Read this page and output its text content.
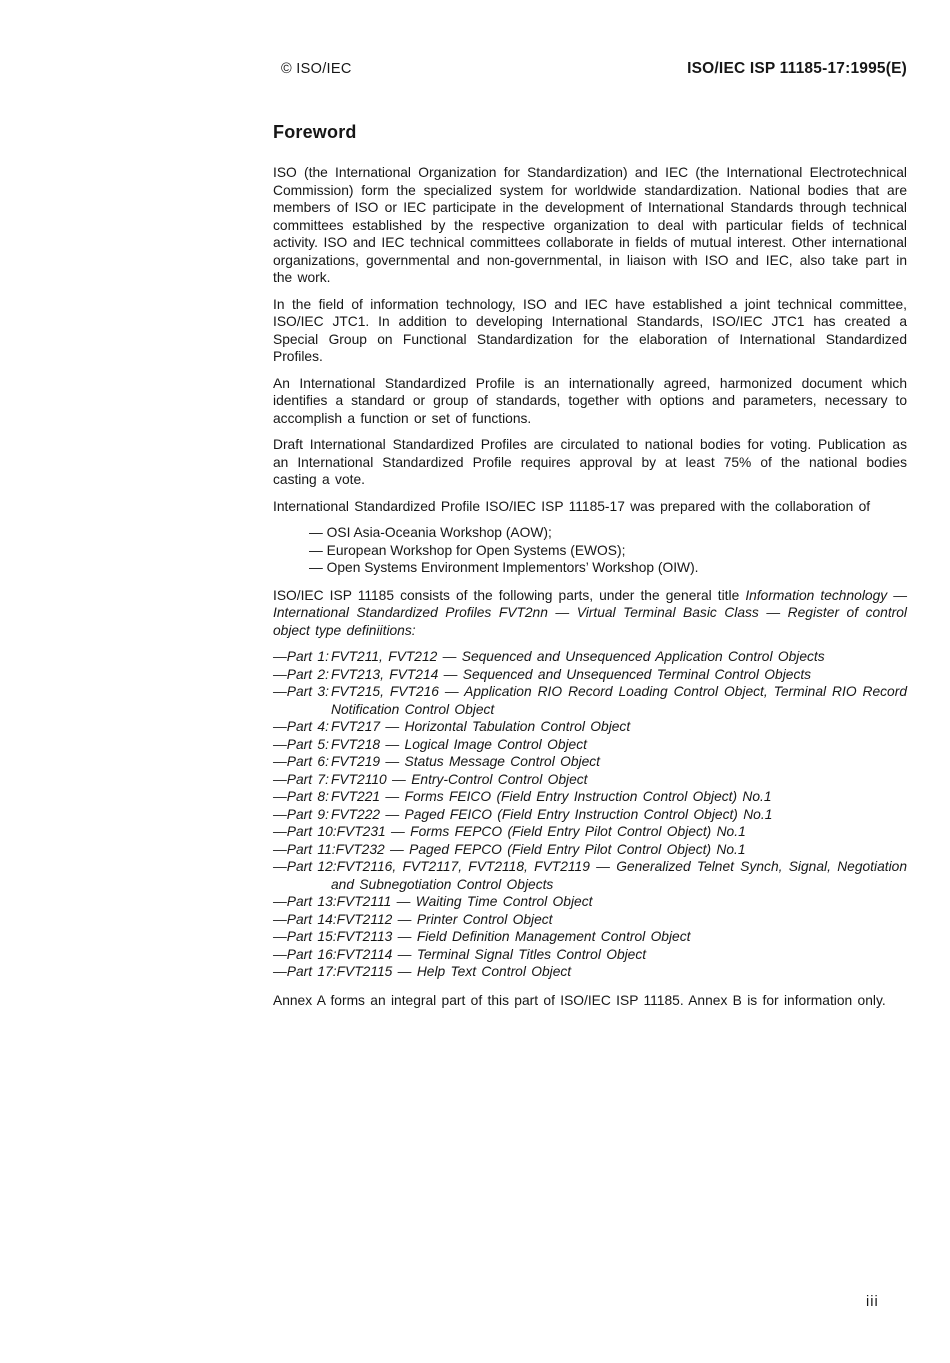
© ISO/IEC	ISO/IEC ISP 11185-17:1995(E)
Foreword

ISO (the International Organization for Standardization) and IEC (the International Electrotechnical Commission) form the specialized system for worldwide standardization. National bodies that are members of ISO or IEC participate in the development of International Standards through technical committees established by the respective organization to deal with particular fields of technical activity. ISO and IEC technical committees collaborate in fields of mutual interest. Other international organizations, governmental and non-governmental, in liaison with ISO and IEC, also take part in the work.

In the field of information technology, ISO and IEC have established a joint technical committee, ISO/IEC JTC1. In addition to developing International Standards, ISO/IEC JTC1 has created a Special Group on Functional Standardization for the elaboration of International Standardized Profiles.

An International Standardized Profile is an internationally agreed, harmonized document which identifies a standard or group of standards, together with options and parameters, necessary to accomplish a function or set of functions.

Draft International Standardized Profiles are circulated to national bodies for voting. Publication as an International Standardized Profile requires approval by at least 75% of the national bodies casting a vote.

International Standardized Profile ISO/IEC ISP 11185-17 was prepared with the collaboration of

— OSI Asia-Oceania Workshop (AOW);
— European Workshop for Open Systems (EWOS);
— Open Systems Environment Implementors’ Workshop (OIW).

ISO/IEC ISP 11185 consists of the following parts, under the general title Information technology — International Standardized Profiles FVT2nn — Virtual Terminal Basic Class — Register of control object type definiitions:

—Part 1: FVT211, FVT212 — Sequenced and Unsequenced Application Control Objects
—Part 2: FVT213, FVT214 — Sequenced and Unsequenced Terminal Control Objects
—Part 3: FVT215, FVT216 — Application RIO Record Loading Control Object, Terminal RIO Record Notification Control Object
—Part 4: FVT217 — Horizontal Tabulation Control Object
—Part 5: FVT218 — Logical Image Control Object
—Part 6: FVT219 — Status Message Control Object
—Part 7: FVT2110 — Entry-Control Control Object
—Part 8: FVT221 — Forms FEICO (Field Entry Instruction Control Object) No.1
—Part 9: FVT222 — Paged FEICO (Field Entry Instruction Control Object) No.1
—Part 10:FVT231 — Forms FEPCO (Field Entry Pilot Control Object) No.1
—Part 11:FVT232 — Paged FEPCO (Field Entry Pilot Control Object) No.1
—Part 12:FVT2116, FVT2117, FVT2118, FVT2119 — Generalized Telnet Synch, Signal, Negotiation and Subnegotiation Control Objects
—Part 13:FVT2111 — Waiting Time Control Object
—Part 14:FVT2112 — Printer Control Object
—Part 15:FVT2113 — Field Definition Management Control Object
—Part 16:FVT2114 — Terminal Signal Titles Control Object
—Part 17:FVT2115 — Help Text Control Object

Annex A forms an integral part of this part of ISO/IEC ISP 11185. Annex B is for information only.

iii
